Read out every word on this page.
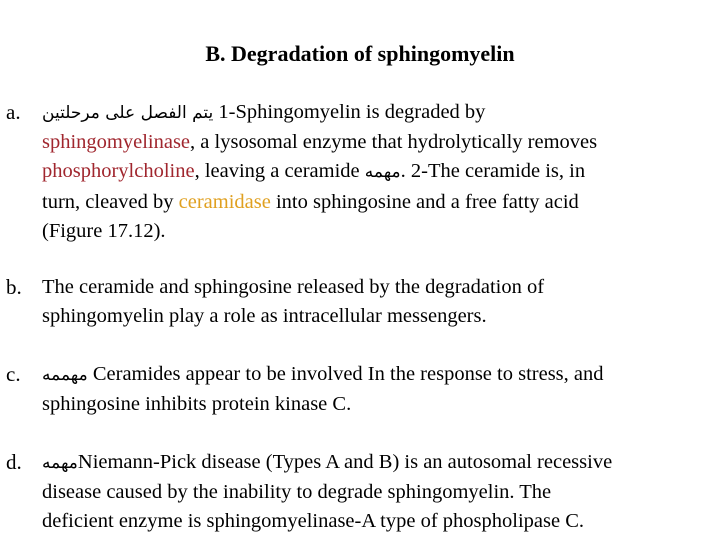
B. Degradation of sphingomyelin
a. يتم الفصل على مرحلتين 1-Sphingomyelin is degraded by
sphingomyelinase, a lysosomal enzyme that hydrolytically removes
phosphorylcholine, leaving a ceramide مهمه. 2-The ceramide is, in
turn, cleaved by ceramidase into sphingosine and a free fatty acid
(Figure 17.12).
b. The ceramide and sphingosine released by the degradation of
sphingomyelin play a role as intracellular messengers.
c. مهممه Ceramides appear to be involved In the response to stress, and
sphingosine inhibits protein kinase C.
d. مهمهNiemann-Pick disease (Types A and B) is an autosomal recessive
disease caused by the inability to degrade sphingomyelin. The
deficient enzyme is sphingomyelinase-A type of phospholipase C.
